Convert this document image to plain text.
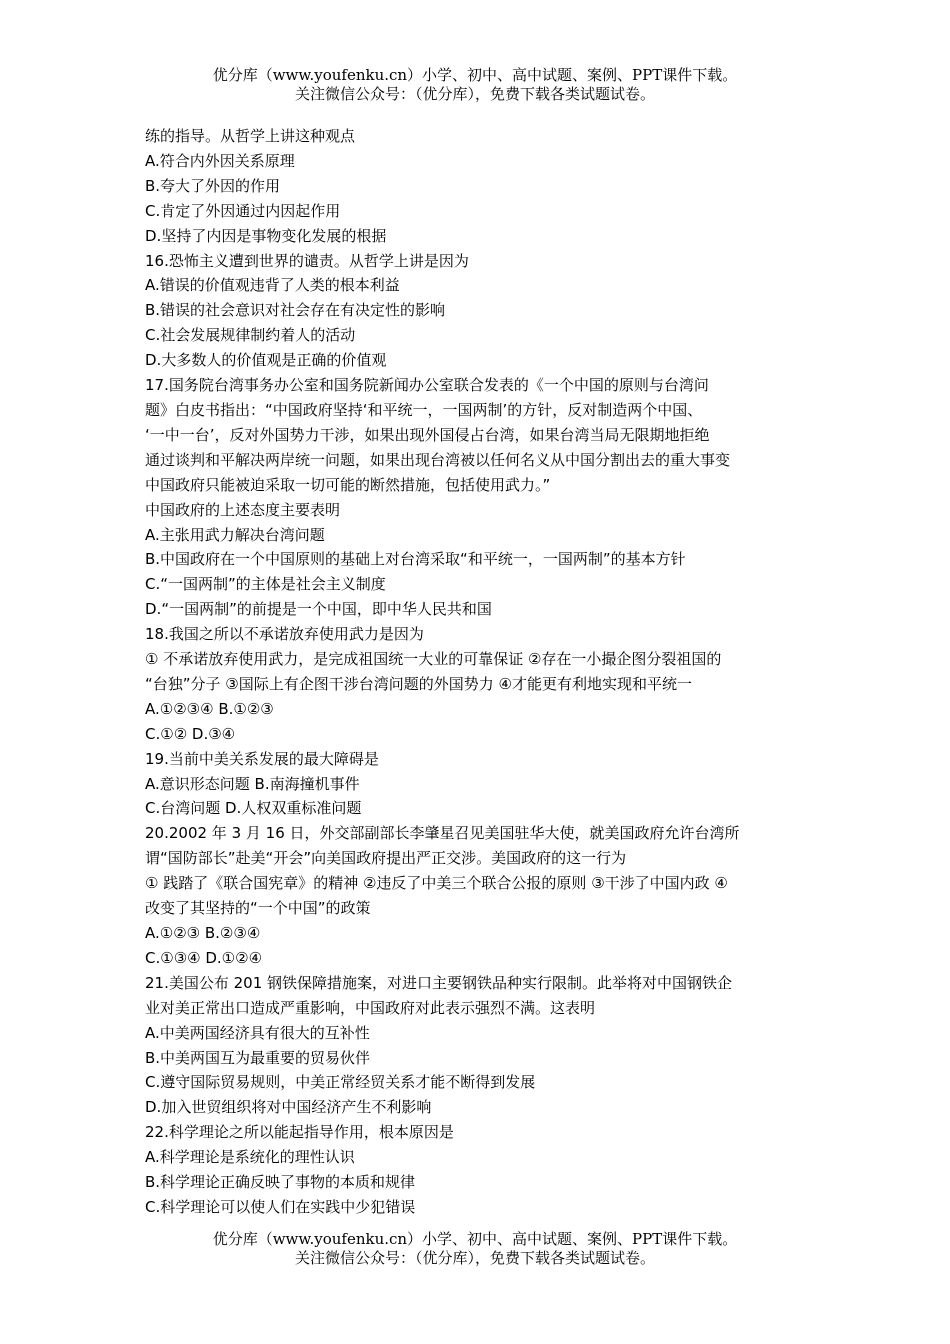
优分库（www.youfenku.cn）小学、初中、高中试题、案例、PPT课件下载。
关注微信公众号：（优分库），免费下载各类试题试卷。

练的指导。从哲学上讲这种观点

A.符合内外因关系原理

B.夸大了外因的作用

C.肯定了外因通过内因起作用

D.坚持了内因是事物变化发展的根据

16.恐怖主义遭到世界的谴责。从哲学上讲是因为

A.错误的价值观违背了人类的根本利益

B.错误的社会意识对社会存在有决定性的影响

C.社会发展规律制约着人的活动

D.大多数人的价值观是正确的价值观

17.国务院台湾事务办公室和国务院新闻办公室联合发表的《一个中国的原则与台湾问

题》白皮书指出：“中国政府坚持‘和平统一，一国两制’的方针，反对制造两个中国、

‘一中一台’，反对外国势力干涉，如果出现外国侵占台湾，如果台湾当局无限期地拒绝

通过谈判和平解决两岸统一问题，如果出现台湾被以任何名义从中国分割出去的重大事变

中国政府只能被迫采取一切可能的断然措施，包括使用武力。”

中国政府的上述态度主要表明

A.主张用武力解决台湾问题

B.中国政府在一个中国原则的基础上对台湾采取“和平统一，一国两制”的基本方针

C.“一国两制”的主体是社会主义制度

D.“一国两制”的前提是一个中国，即中华人民共和国

18.我国之所以不承诺放弃使用武力是因为

① 不承诺放弃使用武力，是完成祖国统一大业的可靠保证 ②存在一小撮企图分裂祖国的

“台独”分子 ③国际上有企图干涉台湾问题的外国势力 ④才能更有利地实现和平统一

A.①②③④ B.①②③

C.①② D.③④

19.当前中美关系发展的最大障碍是

A.意识形态问题 B.南海撞机事件

C.台湾问题 D.人权双重标准问题

20.2002 年 3 月 16 日，外交部副部长李肇星召见美国驻华大使，就美国政府允许台湾所

谓“国防部长”赴美“开会”向美国政府提出严正交涉。美国政府的这一行为

① 践踏了《联合国宪章》的精神 ②违反了中美三个联合公报的原则 ③干涉了中国内政 ④

改变了其坚持的“一个中国”的政策

A.①②③ B.②③④

C.①③④ D.①②④

21.美国公布 201 钢铁保障措施案，对进口主要钢铁品种实行限制。此举将对中国钢铁企

业对美正常出口造成严重影响，中国政府对此表示强烈不满。这表明

A.中美两国经济具有很大的互补性

B.中美两国互为最重要的贸易伙伴

C.遵守国际贸易规则，中美正常经贸关系才能不断得到发展

D.加入世贸组织将对中国经济产生不利影响

22.科学理论之所以能起指导作用，根本原因是

A.科学理论是系统化的理性认识

B.科学理论正确反映了事物的本质和规律

C.科学理论可以使人们在实践中少犯错误

优分库（www.youfenku.cn）小学、初中、高中试题、案例、PPT课件下载。
关注微信公众号：（优分库），免费下载各类试题试卷。
